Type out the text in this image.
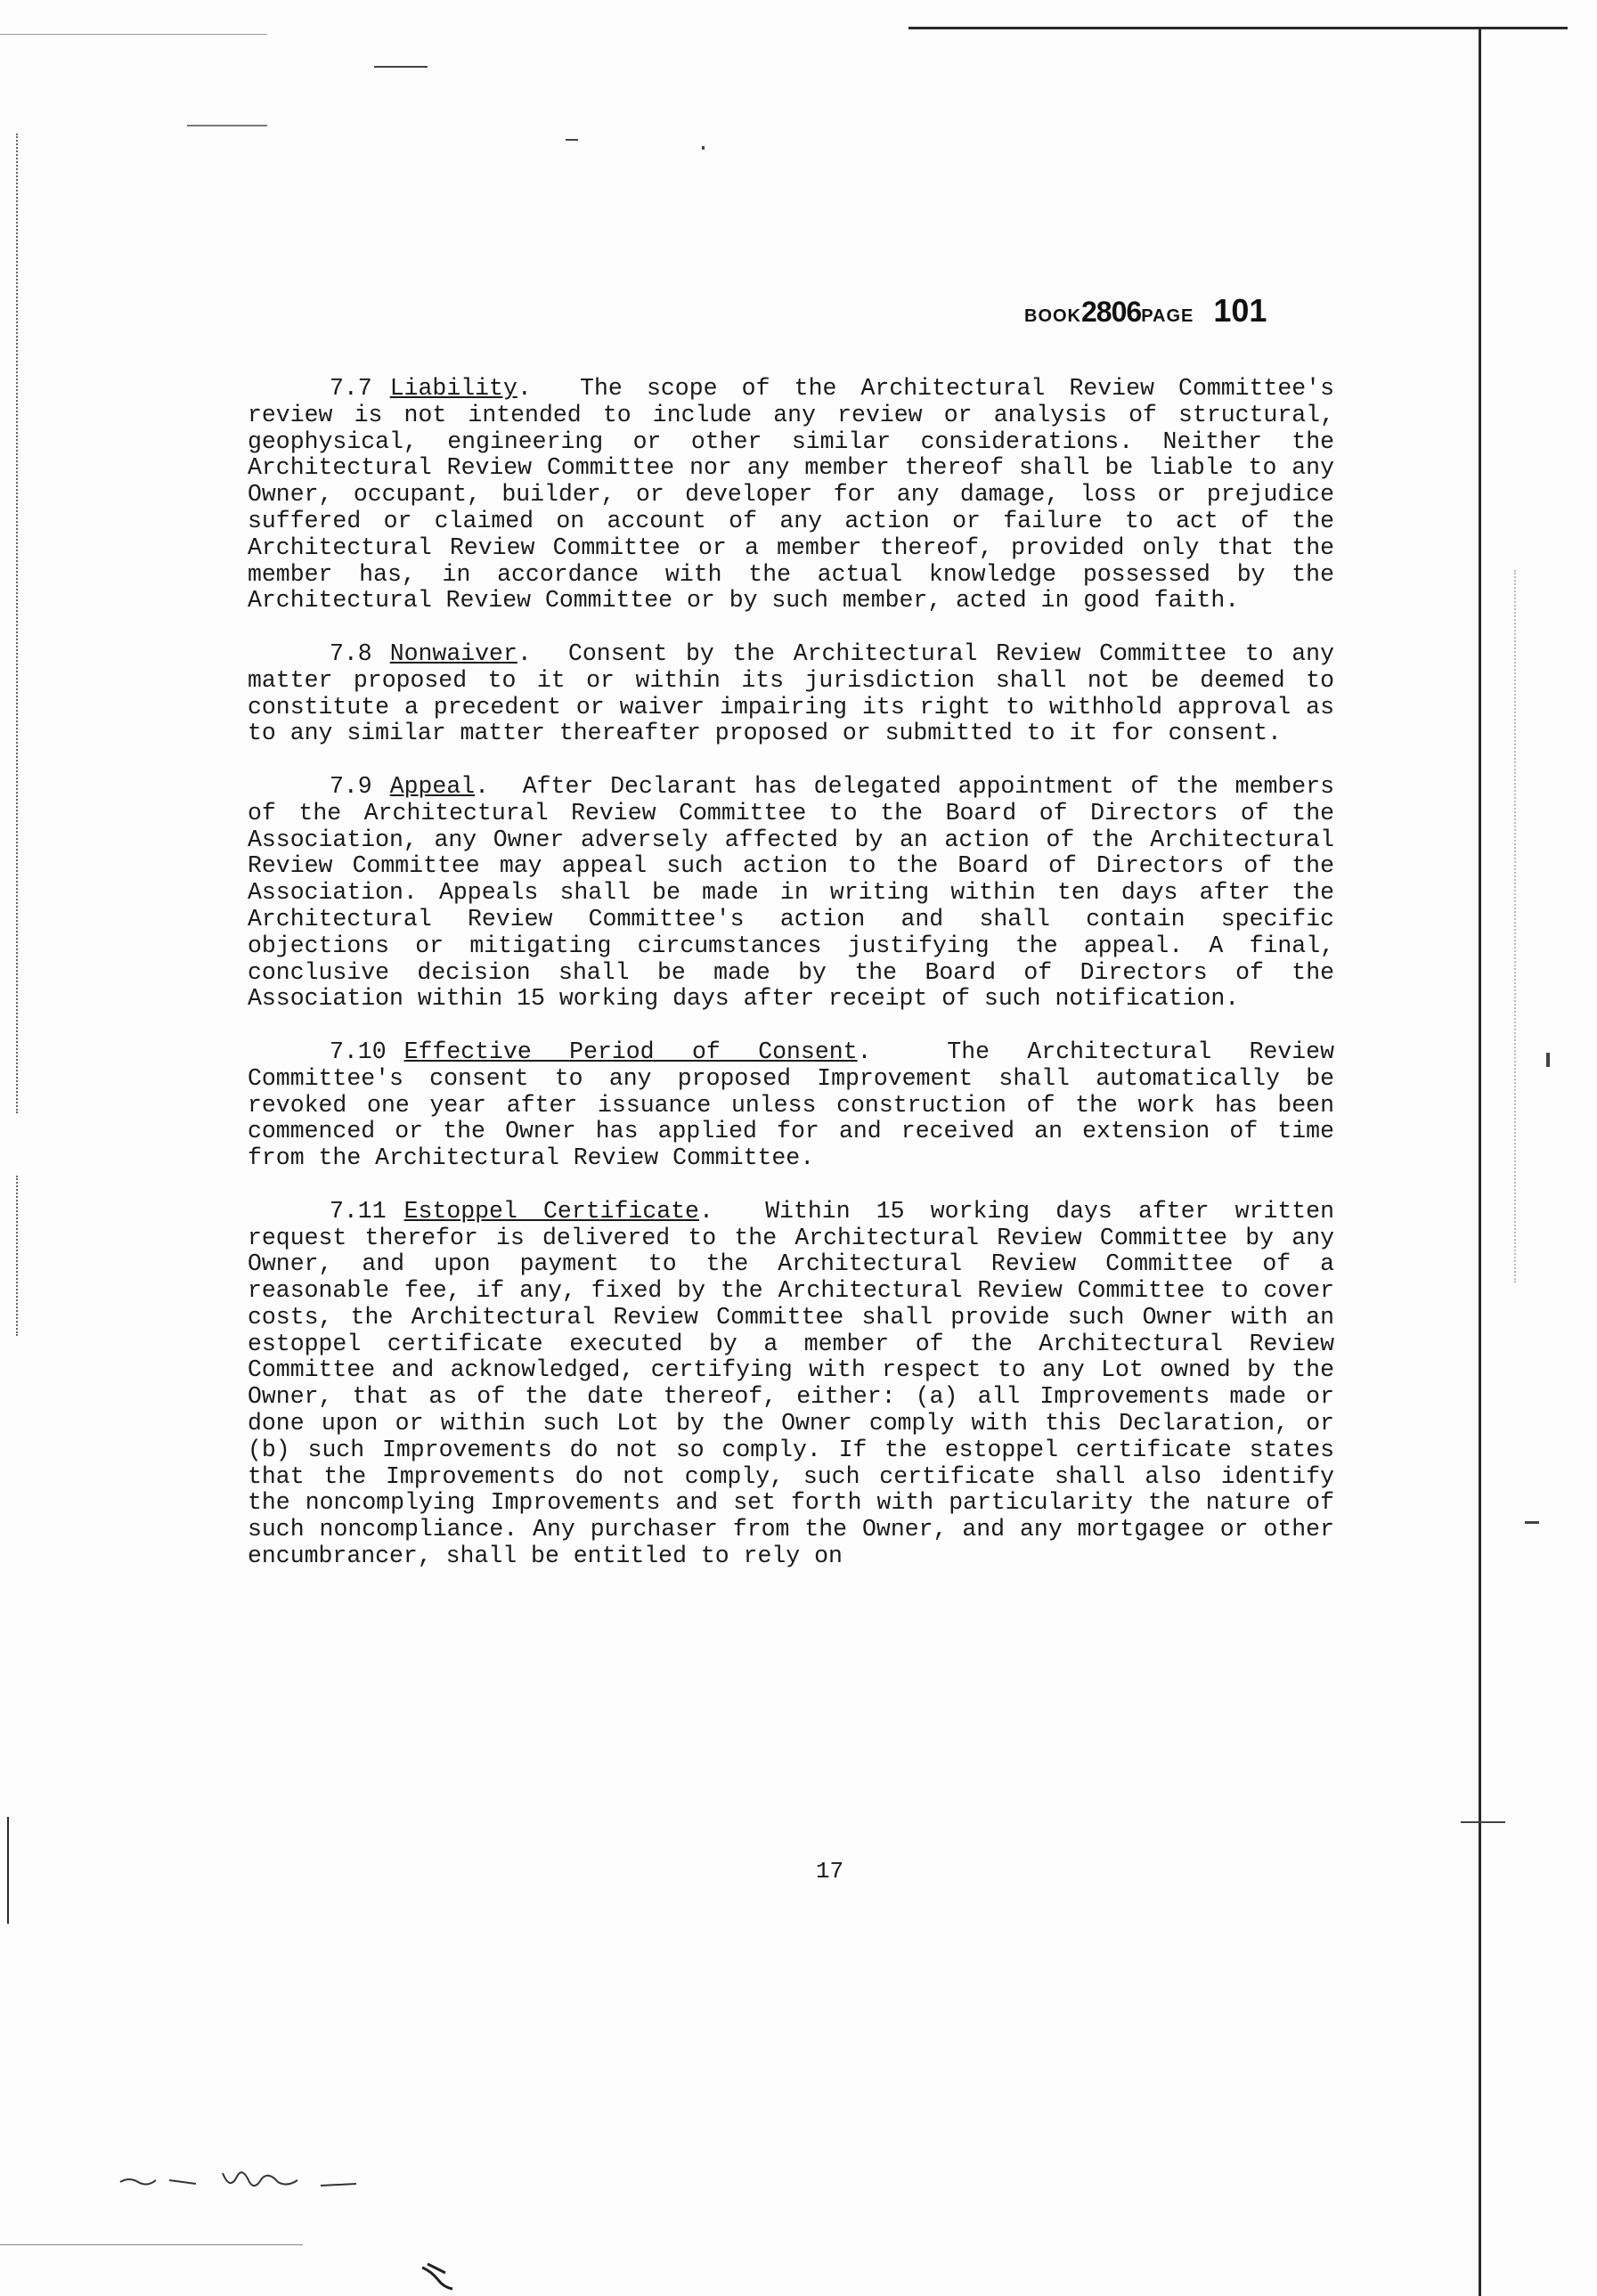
BOOK2806PAGE 101

7.7 Liability.  The scope of the Architectural Review Committee's review is not intended to include any review or analysis of structural, geophysical, engineering or other similar considerations. Neither the Architectural Review Committee nor any member thereof shall be liable to any Owner, occupant, builder, or developer for any damage, loss or prejudice suffered or claimed on account of any action or failure to act of the Architectural Review Committee or a member thereof, provided only that the member has, in accordance with the actual knowledge possessed by the Architectural Review Committee or by such member, acted in good faith.

7.8 Nonwaiver.  Consent by the Architectural Review Committee to any matter proposed to it or within its jurisdiction shall not be deemed to constitute a precedent or waiver impairing its right to withhold approval as to any similar matter thereafter proposed or submitted to it for consent.

7.9 Appeal.  After Declarant has delegated appointment of the members of the Architectural Review Committee to the Board of Directors of the Association, any Owner adversely affected by an action of the Architectural Review Committee may appeal such action to the Board of Directors of the Association. Appeals shall be made in writing within ten days after the Architectural Review Committee's action and shall contain specific objections or mitigating circumstances justifying the appeal. A final, conclusive decision shall be made by the Board of Directors of the Association within 15 working days after receipt of such notification.

7.10 Effective Period of Consent.  The Architectural Review Committee's consent to any proposed Improvement shall automatically be revoked one year after issuance unless construction of the work has been commenced or the Owner has applied for and received an extension of time from the Architectural Review Committee.

7.11 Estoppel Certificate.  Within 15 working days after written request therefor is delivered to the Architectural Review Committee by any Owner, and upon payment to the Architectural Review Committee of a reasonable fee, if any, fixed by the Architectural Review Committee to cover costs, the Architectural Review Committee shall provide such Owner with an estoppel certificate executed by a member of the Architectural Review Committee and acknowledged, certifying with respect to any Lot owned by the Owner, that as of the date thereof, either: (a) all Improvements made or done upon or within such Lot by the Owner comply with this Declaration, or (b) such Improvements do not so comply. If the estoppel certificate states that the Improvements do not comply, such certificate shall also identify the noncomplying Improvements and set forth with particularity the nature of such noncompliance. Any purchaser from the Owner, and any mortgagee or other encumbrancer, shall be entitled to rely on

17
